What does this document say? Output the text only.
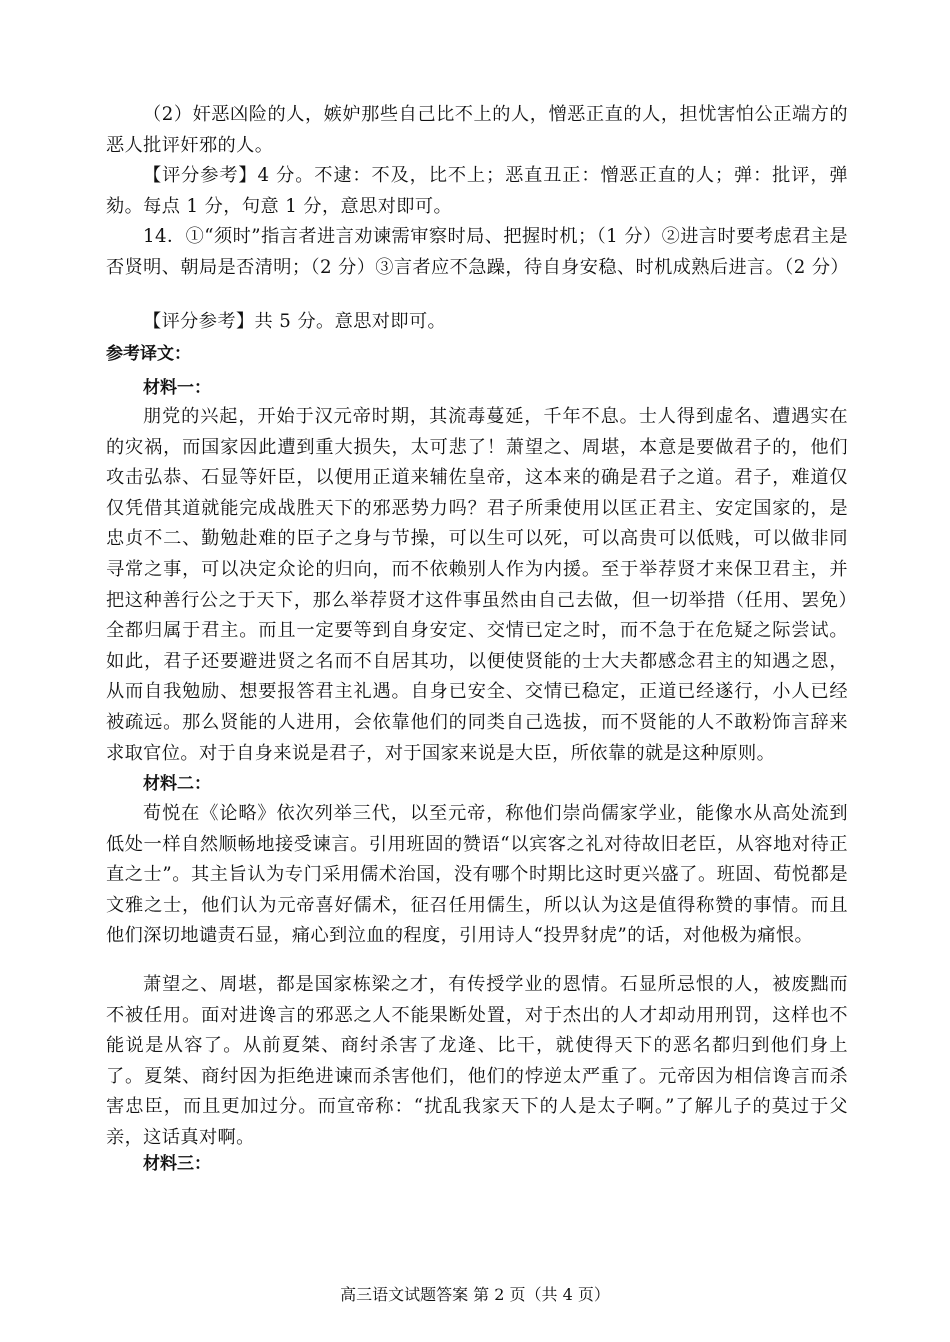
（2）奸恶凶险的人，嫉妒那些自己比不上的人，憎恶正直的人，担忧害怕公正端方的恶人批评奸邪的人。

【评分参考】4 分。不逮：不及，比不上；恶直丑正：憎恶正直的人；弹：批评，弹劾。每点 1 分，句意 1 分，意思对即可。

14．①“须时”指言者进言劝谏需审察时局、把握时机；（1 分）②进言时要考虑君主是否贤明、朝局是否清明；（2 分）③言者应不急躁，待自身安稳、时机成熟后进言。（2 分）

【评分参考】共 5 分。意思对即可。

参考译文：

材料一：

朋党的兴起，开始于汉元帝时期，其流毒蔓延，千年不息。士人得到虚名、遭遇实在的灾祸，而国家因此遭到重大损失，太可悲了！萧望之、周堪，本意是要做君子的，他们攻击弘恭、石显等奸臣，以便用正道来辅佐皇帝，这本来的确是君子之道。君子，难道仅仅凭借其道就能完成战胜天下的邪恶势力吗？君子所秉使用以匡正君主、安定国家的，是忠贞不二、勤勉赴难的臣子之身与节操，可以生可以死，可以高贵可以低贱，可以做非同寻常之事，可以决定众论的归向，而不依赖别人作为内援。至于举荐贤才来保卫君主，并把这种善行公之于天下，那么举荐贤才这件事虽然由自己去做，但一切举措（任用、罢免）全都归属于君主。而且一定要等到自身安定、交情已定之时，而不急于在危疑之际尝试。如此，君子还要避进贤之名而不自居其功，以便使贤能的士大夫都感念君主的知遇之恩，从而自我勉励、想要报答君主礼遇。自身已安全、交情已稳定，正道已经遂行，小人已经被疏远。那么贤能的人进用，会依靠他们的同类自己选拔，而不贤能的人不敢粉饰言辞来求取官位。对于自身来说是君子，对于国家来说是大臣，所依靠的就是这种原则。

材料二：

荀悦在《论略》依次列举三代，以至元帝，称他们崇尚儒家学业，能像水从高处流到低处一样自然顺畅地接受谏言。引用班固的赞语“以宾客之礼对待故旧老臣，从容地对待正直之士”。其主旨认为专门采用儒术治国，没有哪个时期比这时更兴盛了。班固、荀悦都是文雅之士，他们认为元帝喜好儒术，征召任用儒生，所以认为这是值得称赞的事情。而且他们深切地谴责石显，痛心到泣血的程度，引用诗人“投畀豺虎”的话，对他极为痛恨。

萧望之、周堪，都是国家栋梁之才，有传授学业的恩情。石显所忌恨的人，被废黜而不被任用。面对进谗言的邪恶之人不能果断处置，对于杰出的人才却动用刑罚，这样也不能说是从容了。从前夏桀、商纣杀害了龙逄、比干，就使得天下的恶名都归到他们身上了。夏桀、商纣因为拒绝进谏而杀害他们，他们的悖逆太严重了。元帝因为相信谗言而杀害忠臣，而且更加过分。而宣帝称：“扰乱我家天下的人是太子啊。”了解儿子的莫过于父亲，这话真对啊。

材料三：

高三语文试题答案 第 2 页（共 4 页）
